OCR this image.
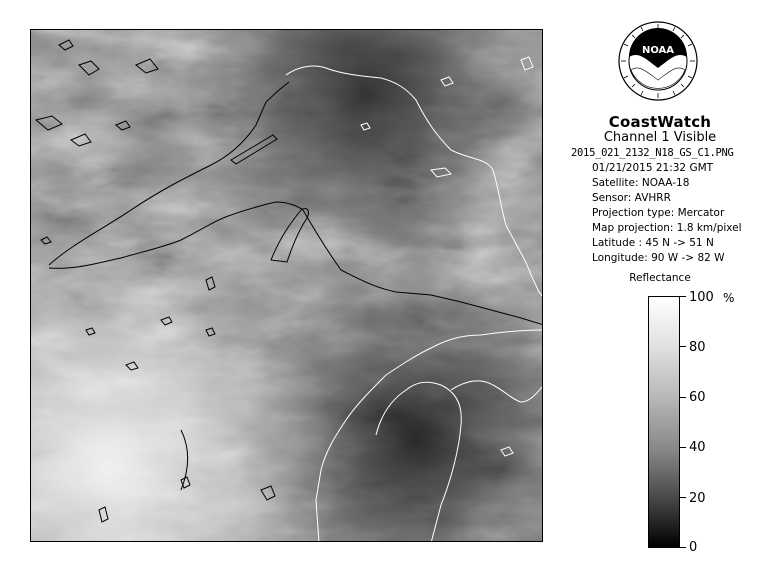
NOAA
CoastWatch
Channel 1 Visible
2015_021_2132_N18_GS_C1.PNG
01/21/2015 21:32 GMT
Satellite: NOAA-18
Sensor: AVHRR
Projection type: Mercator
Map projection: 1.8 km/pixel
Latitude : 45 N -> 51 N
Longitude: 90 W -> 82 W
Reflectance
%
100
80
60
40
20
0
